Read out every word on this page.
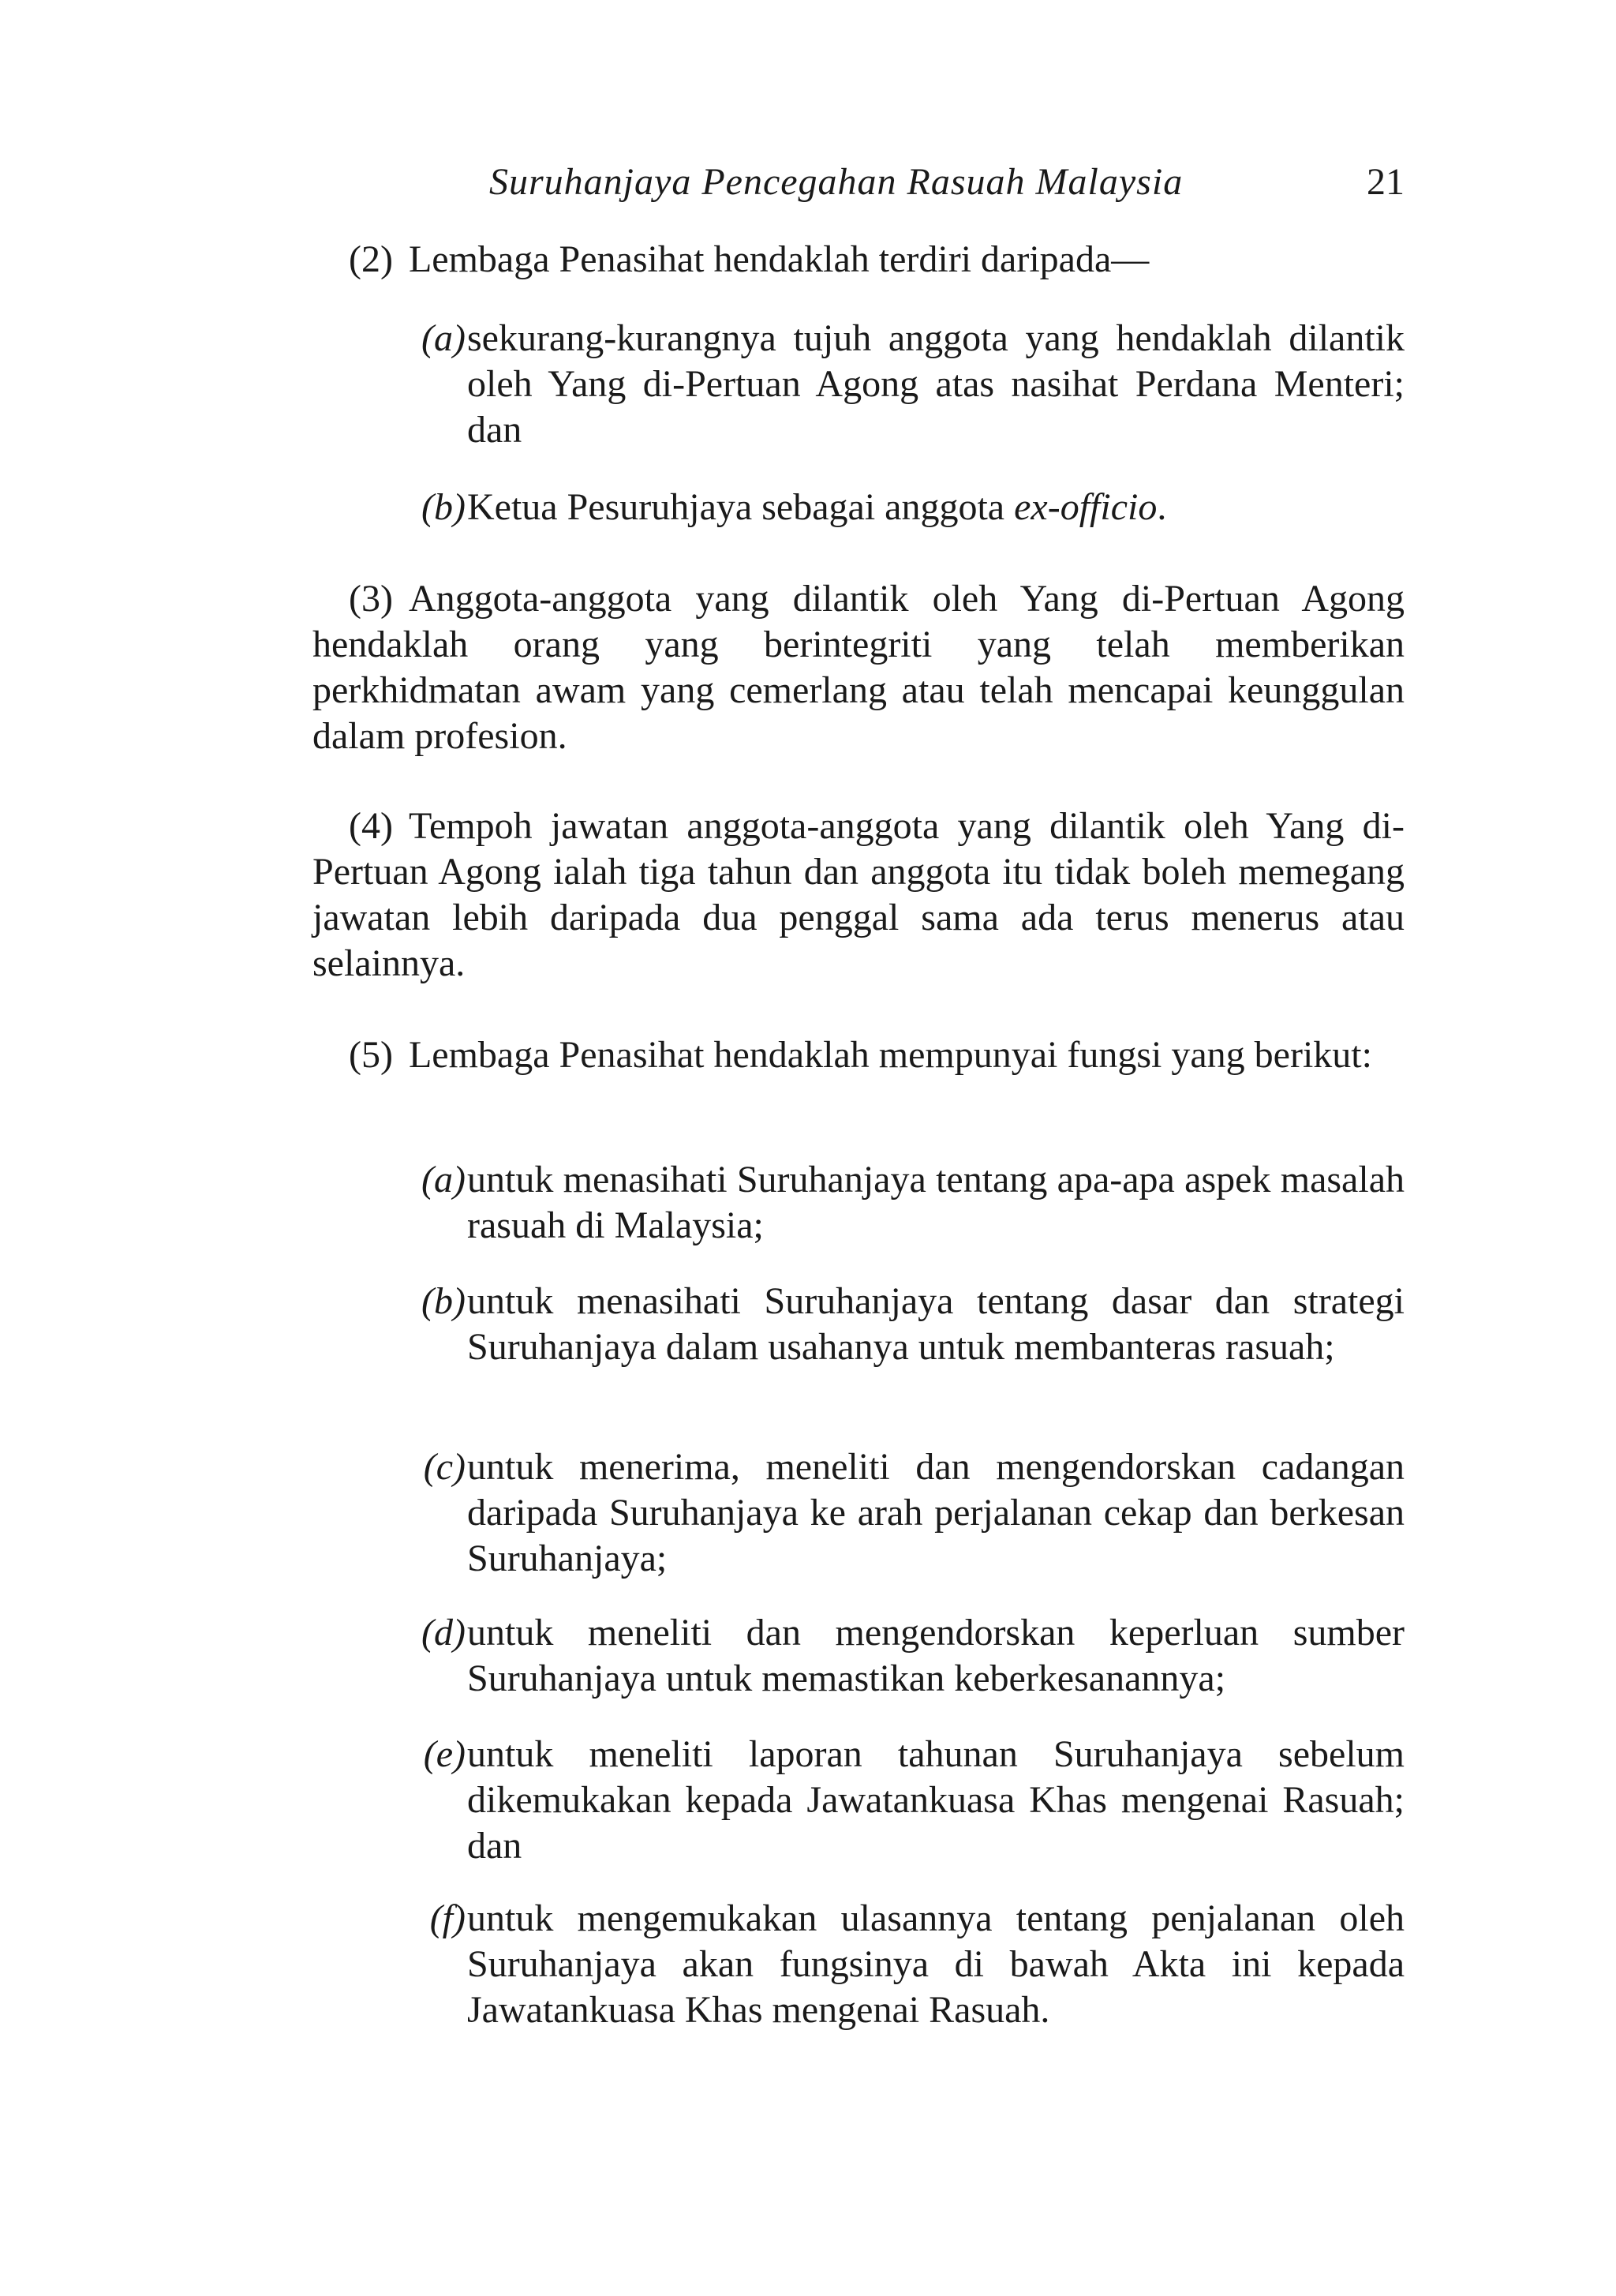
Suruhanjaya Pencegahan Rasuah Malaysia	21
(2) Lembaga Penasihat hendaklah terdiri daripada—
(a) sekurang-kurangnya tujuh anggota yang hendaklah dilantik oleh Yang di-Pertuan Agong atas nasihat Perdana Menteri; dan
(b) Ketua Pesuruhjaya sebagai anggota ex-officio.
(3) Anggota-anggota yang dilantik oleh Yang di-Pertuan Agong hendaklah orang yang berintegriti yang telah memberikan perkhidmatan awam yang cemerlang atau telah mencapai keunggulan dalam profesion.
(4) Tempoh jawatan anggota-anggota yang dilantik oleh Yang di-Pertuan Agong ialah tiga tahun dan anggota itu tidak boleh memegang jawatan lebih daripada dua penggal sama ada terus menerus atau selainnya.
(5) Lembaga Penasihat hendaklah mempunyai fungsi yang berikut:
(a) untuk menasihati Suruhanjaya tentang apa-apa aspek masalah rasuah di Malaysia;
(b) untuk menasihati Suruhanjaya tentang dasar dan strategi Suruhanjaya dalam usahanya untuk membanteras rasuah;
(c) untuk menerima, meneliti dan mengendorskan cadangan daripada Suruhanjaya ke arah perjalanan cekap dan berkesan Suruhanjaya;
(d) untuk meneliti dan mengendorskan keperluan sumber Suruhanjaya untuk memastikan keberkesanannya;
(e) untuk meneliti laporan tahunan Suruhanjaya sebelum dikemukakan kepada Jawatankuasa Khas mengenai Rasuah; dan
(f) untuk mengemukakan ulasannya tentang penjalanan oleh Suruhanjaya akan fungsinya di bawah Akta ini kepada Jawatankuasa Khas mengenai Rasuah.
